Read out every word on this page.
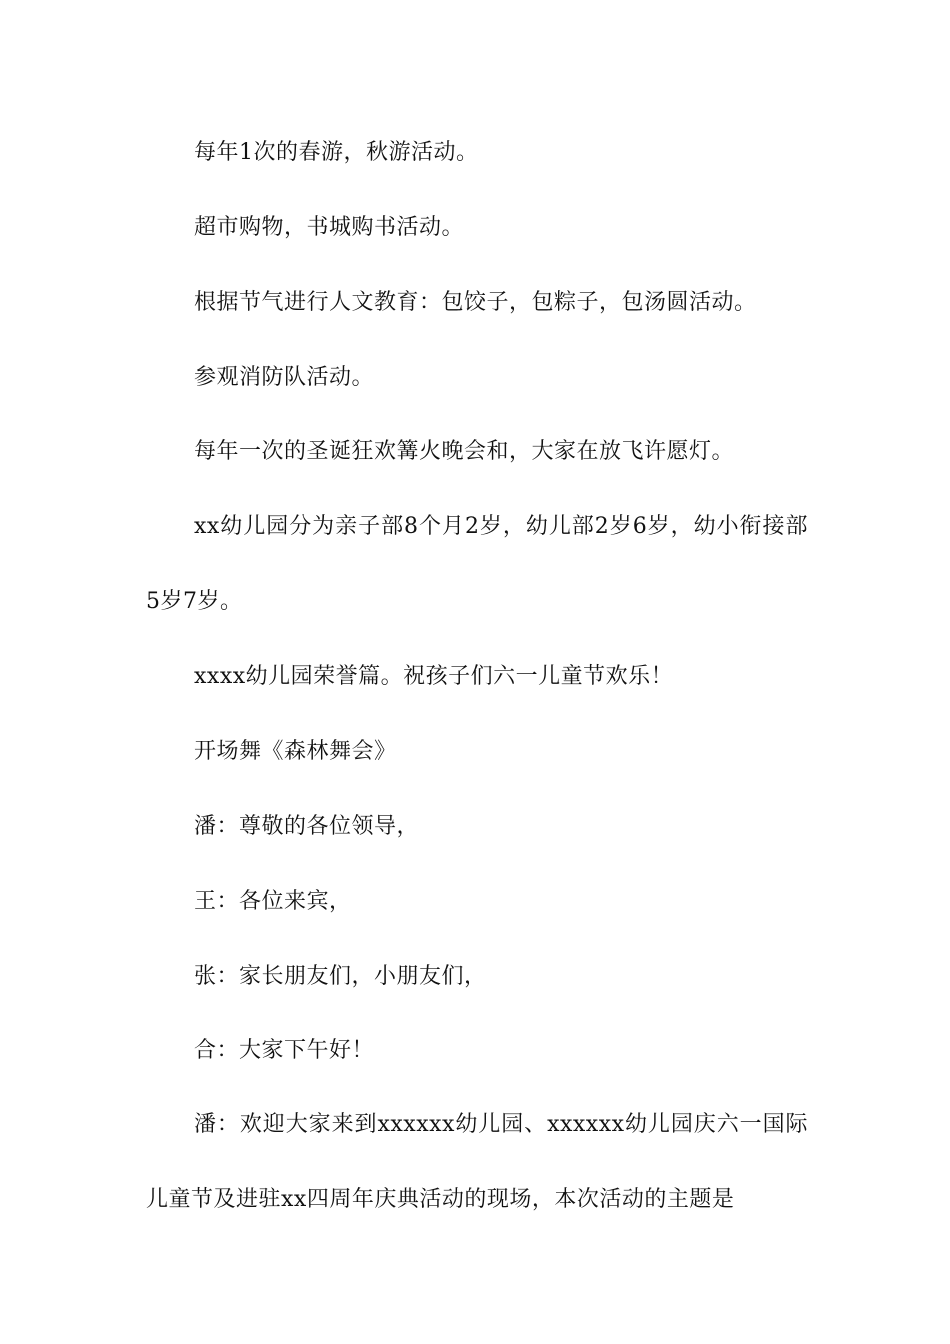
每年1次的春游，秋游活动。

超市购物，书城购书活动。

根据节气进行人文教育：包饺子，包粽子，包汤圆活动。

参观消防队活动。

每年一次的圣诞狂欢篝火晚会和，大家在放飞许愿灯。

xx幼儿园分为亲子部8个月2岁，幼儿部2岁6岁，幼小衔接部5岁7岁。

xxxx幼儿园荣誉篇。祝孩子们六一儿童节欢乐！

开场舞《森林舞会》

潘：尊敬的各位领导，

王：各位来宾，

张：家长朋友们，小朋友们，

合：大家下午好！

潘：欢迎大家来到xxxxxx幼儿园、xxxxxx幼儿园庆六一国际儿童节及进驻xx四周年庆典活动的现场，本次活动的主题是
